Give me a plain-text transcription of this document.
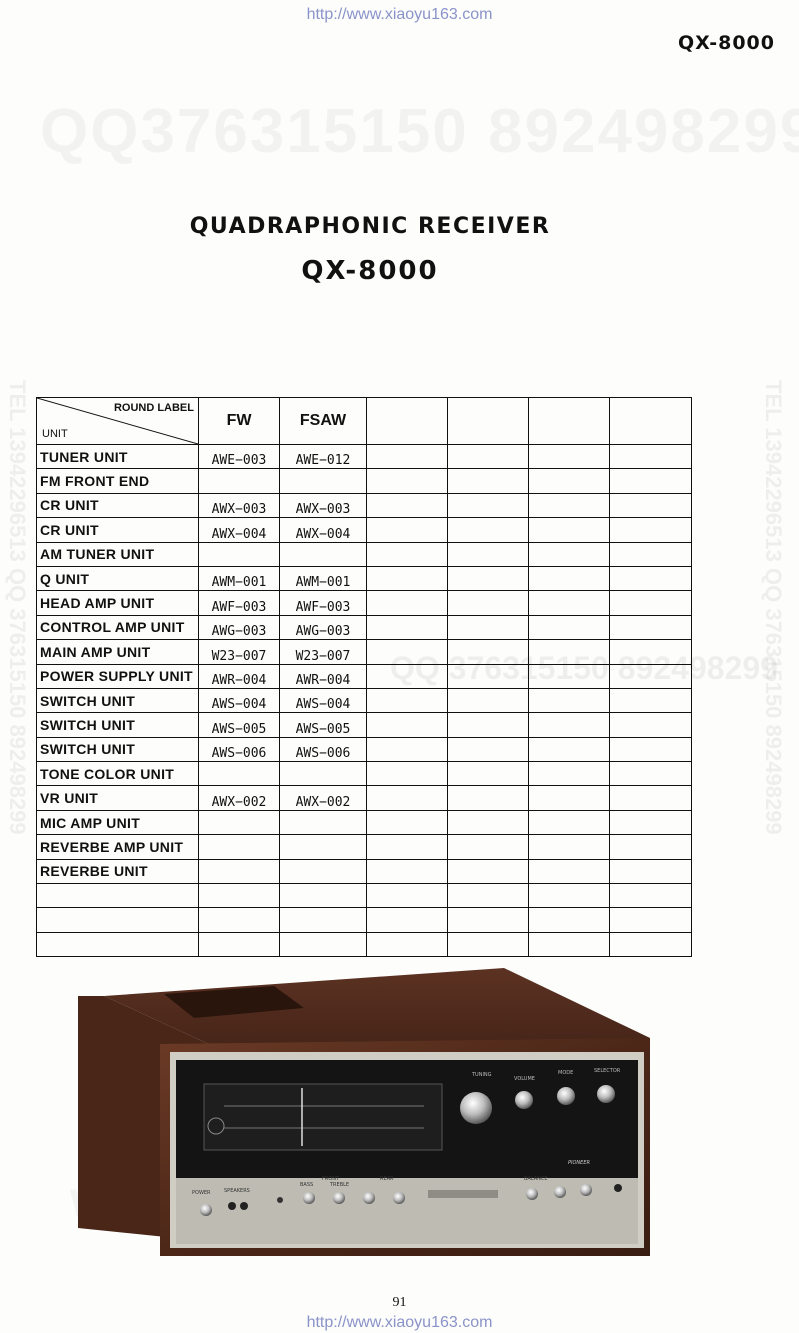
http://www.xiaoyu163.com
QX-8000
QQ 376315150 892498299
TEL 13942296513 QQ 376315150 892498299	TEL 13942296513 QQ 376315150 892498299
QUADRAPHONIC RECEIVER
QX-8000
ROUND LABEL
UNIT	FW	FSAW				
TUNER UNIT	AWE−003	AWE−012				
FM FRONT END						
CR UNIT	AWX−003	AWX−003				
CR UNIT	AWX−004	AWX−004				
AM TUNER UNIT						
Q UNIT	AWM−001	AWM−001				
HEAD AMP UNIT	AWF−003	AWF−003				
CONTROL AMP UNIT	AWG−003	AWG−003				
MAIN AMP UNIT	W23−007	W23−007				
POWER SUPPLY UNIT	AWR−004	AWR−004				
SWITCH UNIT	AWS−004	AWS−004				
SWITCH UNIT	AWS−005	AWS−005				
SWITCH UNIT	AWS−006	AWS−006				
TONE COLOR UNIT						
VR UNIT	AWX−002	AWX−002				
MIC AMP UNIT						
REVERBE AMP UNIT						
REVERBE UNIT						

TUNING
VOLUME
MODE	SELECTOR
PIONEER
POWER	SPEAKERS
BASS	TREBLE
FRONT	REAR	BALANCE
91
http://www.xiaoyu163.com
